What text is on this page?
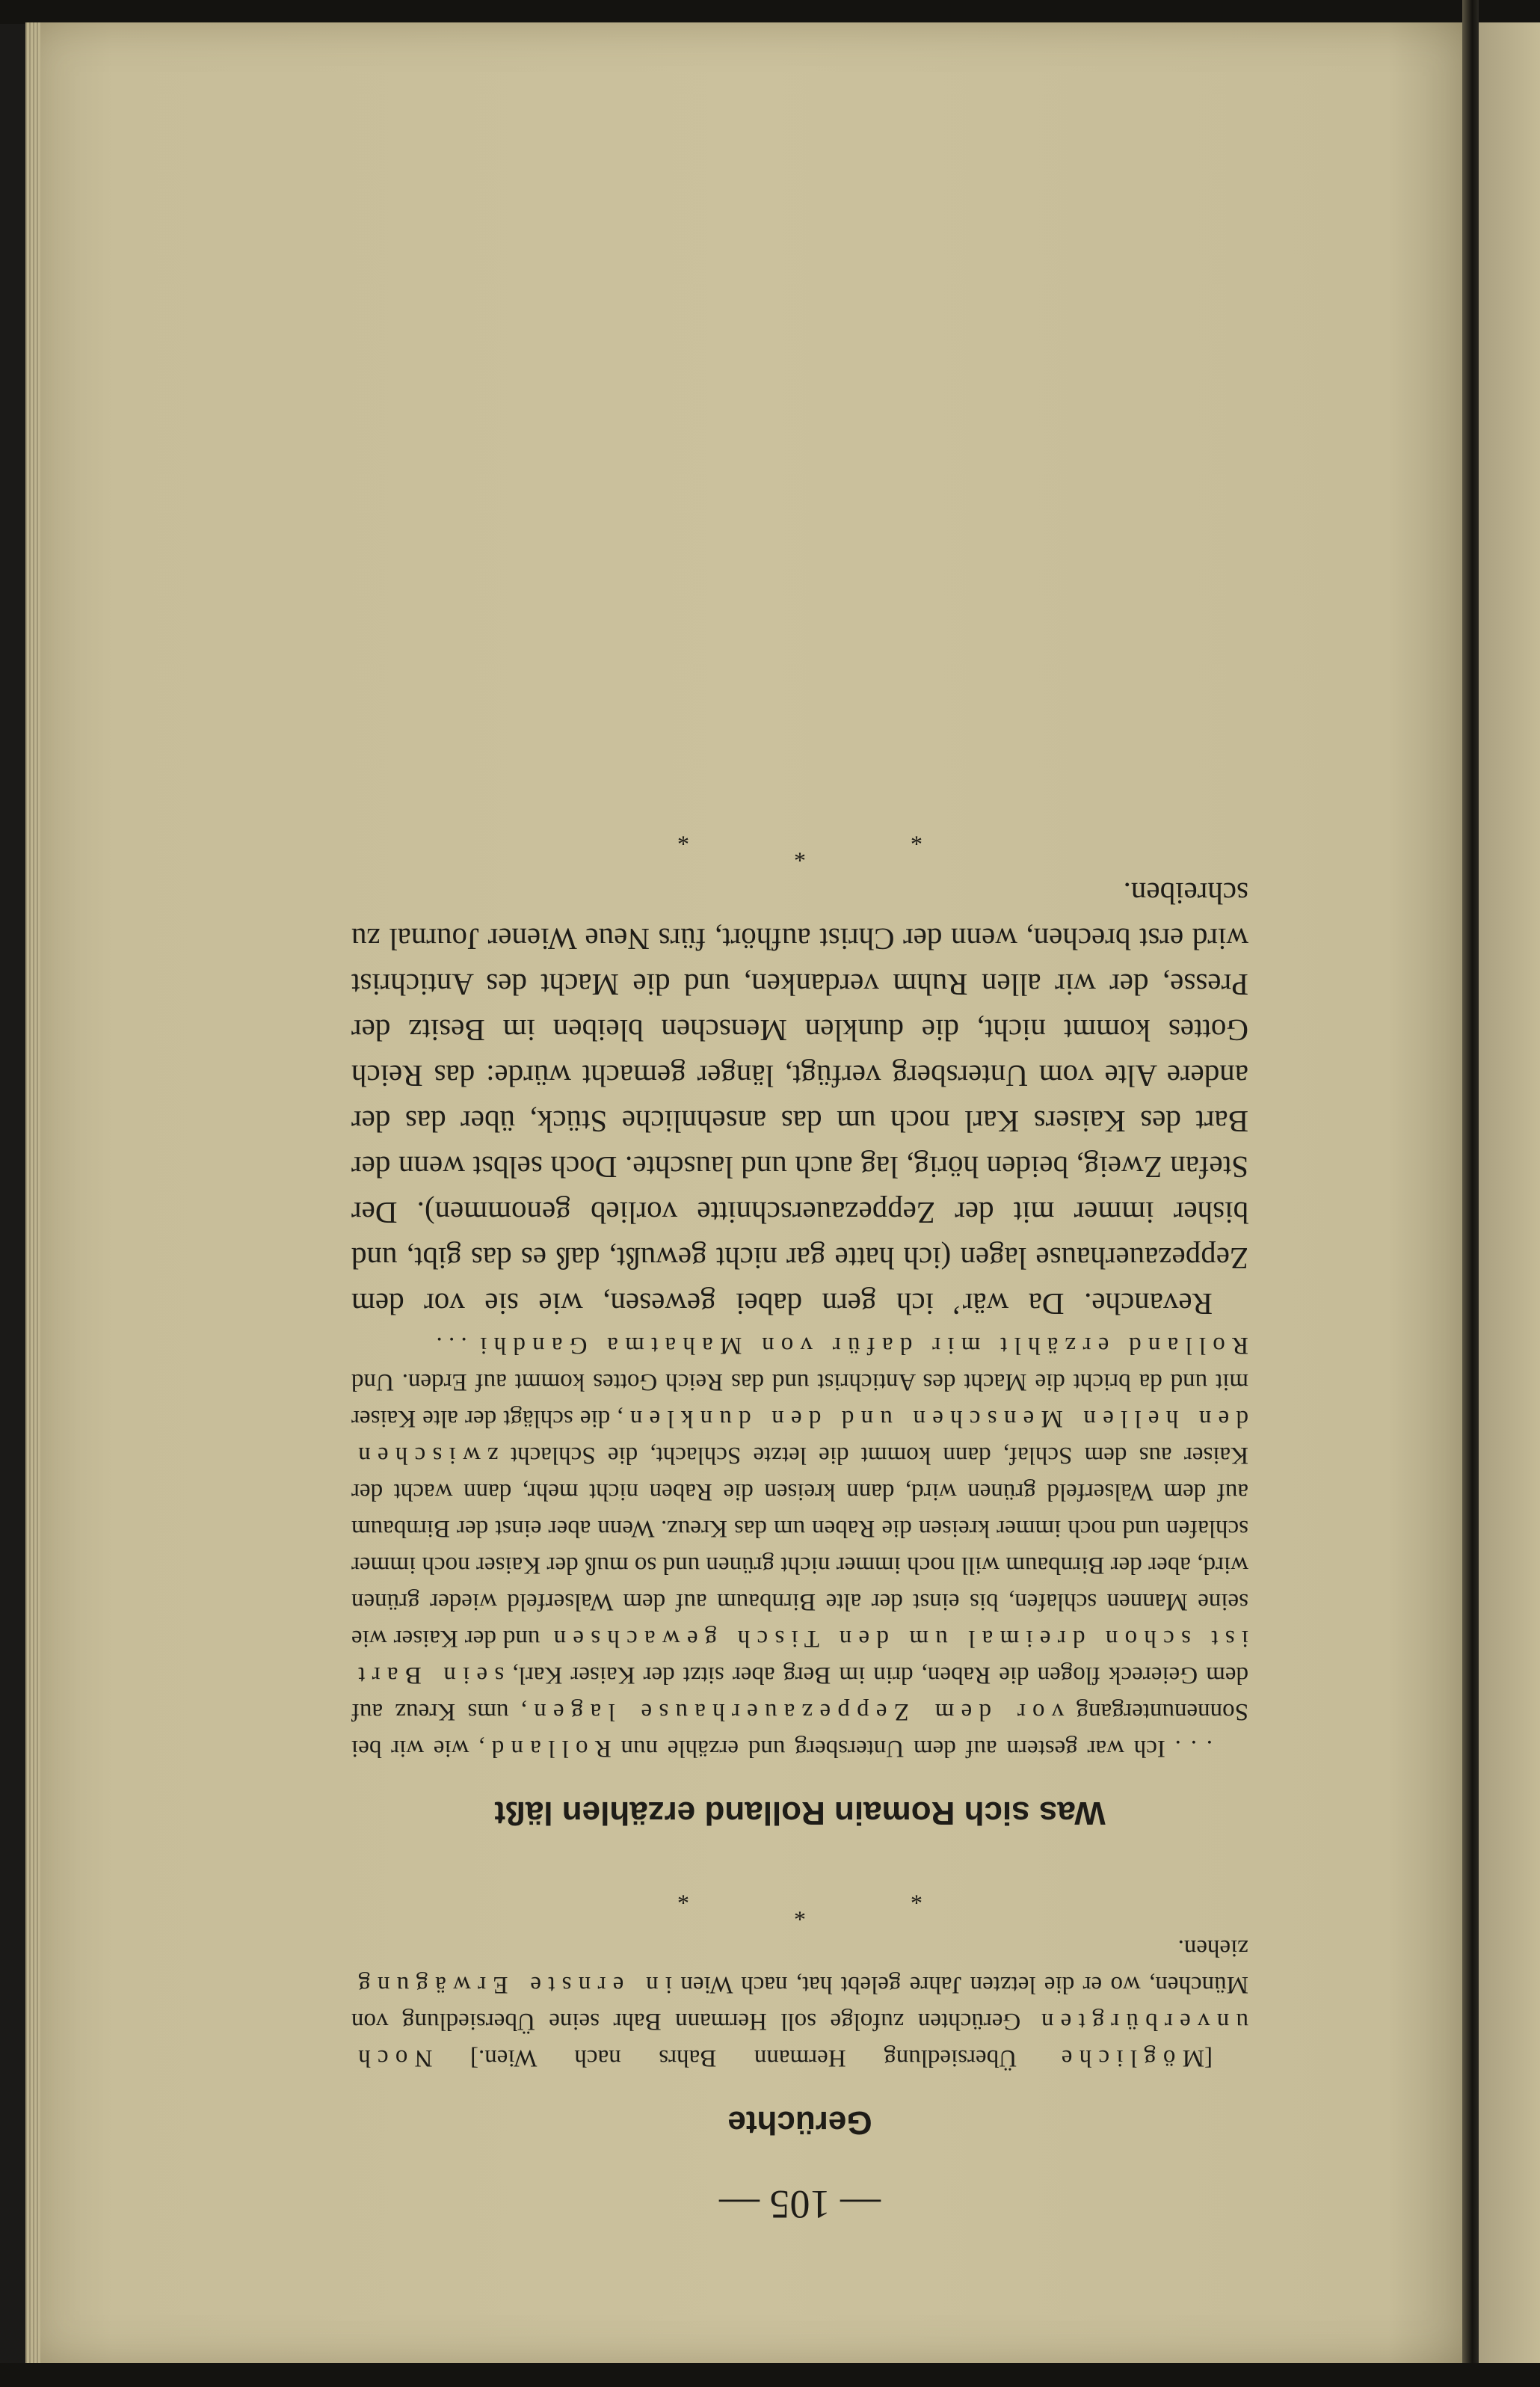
— 105 —
Gerüchte

[Mögliche Übersiedlung Hermann Bahrs nach Wien.] Noch unverbürgten Gerüchten zufolge soll Hermann Bahr seine Übersiedlung von München, wo er die letzten Jahre gelebt hat, nach Wien in ernste Erwägung ziehen.

***
Was sich Romain Rolland erzählen läßt

. . . Ich war gestern auf dem Untersberg und erzähle nun Rolland, wie wir bei Sonnenuntergang vor dem Zeppezauerhause lagen, ums Kreuz auf dem Geiereck flogen die Raben, drin im Berg aber sitzt der Kaiser Karl, sein Bart ist schon dreimal um den Tisch gewachsen und der Kaiser wie seine Mannen schlafen, bis einst der alte Birnbaum auf dem Walserfeld wieder grünen wird, aber der Birnbaum will noch immer nicht grünen und so muß der Kaiser noch immer schlafen und noch immer kreisen die Raben um das Kreuz. Wenn aber einst der Birnbaum auf dem Walserfeld grünen wird, dann kreisen die Raben nicht mehr, dann wacht der Kaiser aus dem Schlaf, dann kommt die letzte Schlacht, die Schlacht zwischen den hellen Menschen und den dunklen, die schlägt der alte Kaiser mit und da bricht die Macht des Antichrist und das Reich Gottes kommt auf Erden. Und Rolland erzählt mir dafür von Mahatma Gandhi . . .

Revanche. Da wär’ ich gern dabei gewesen, wie sie vor dem Zeppezauerhause lagen (ich hatte gar nicht gewußt, daß es das gibt, und bisher immer mit der Zeppezauerschnitte vorlieb genommen). Der Stefan Zweig, beiden hörig, lag auch und lauschte. Doch selbst wenn der Bart des Kaisers Karl noch um das ansehnliche Stück, über das der andere Alte vom Untersberg verfügt, länger gemacht würde: das Reich Gottes kommt nicht, die dunklen Menschen bleiben im Besitz der Presse, der wir allen Ruhm verdanken, und die Macht des Antichrist wird erst brechen, wenn der Christ aufhört, fürs Neue Wiener Journal zu schreiben.

***
